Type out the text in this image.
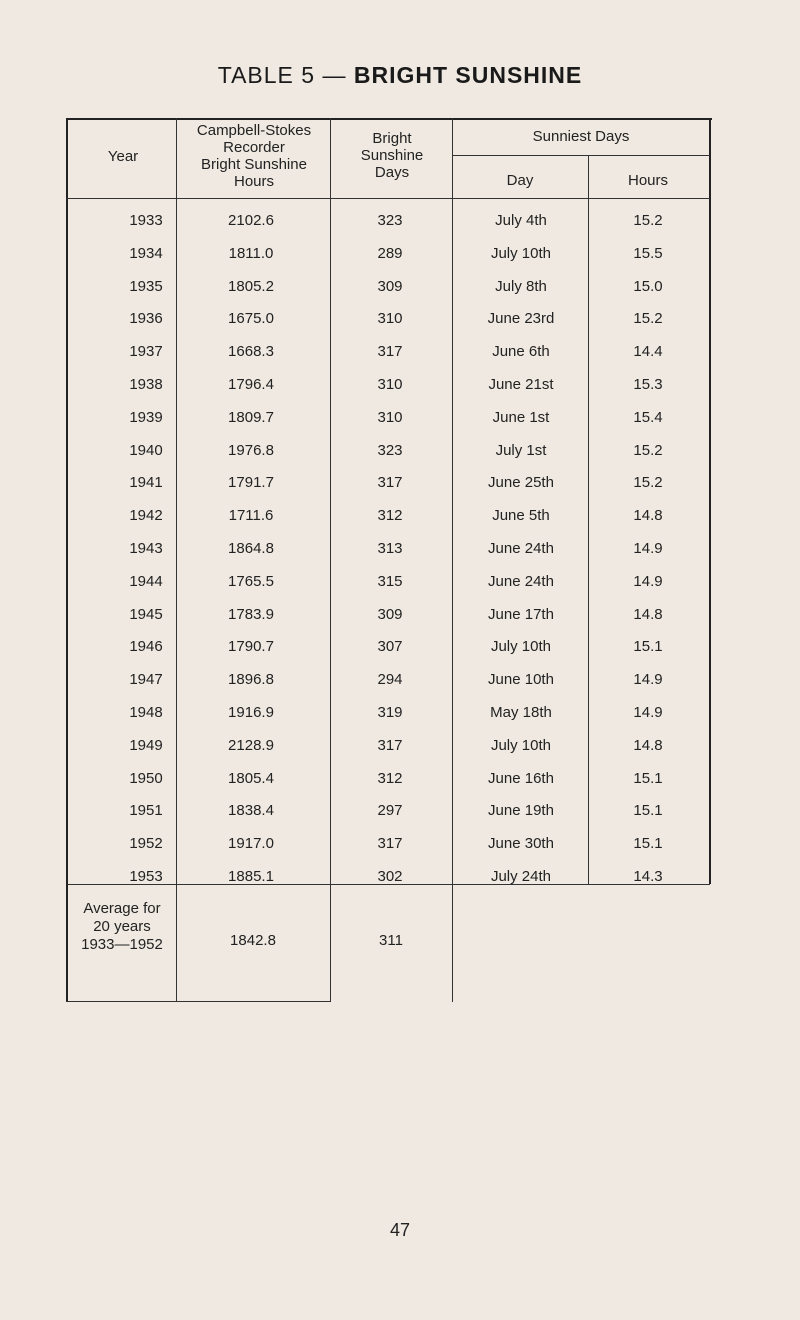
TABLE 5 — BRIGHT SUNSHINE
Year
Campbell-Stokes
Recorder
Bright Sunshine
Hours
Bright
Sunshine
Days
Sunniest Days
Day	Hours
1933	2102.6	323	July 4th	15.2
1934	1811.0	289	July 10th	15.5
1935	1805.2	309	July 8th	15.0
1936	1675.0	310	June 23rd	15.2
1937	1668.3	317	June 6th	14.4
1938	1796.4	310	June 21st	15.3
1939	1809.7	310	June 1st	15.4
1940	1976.8	323	July 1st	15.2
1941	1791.7	317	June 25th	15.2
1942	1711.6	312	June 5th	14.8
1943	1864.8	313	June 24th	14.9
1944	1765.5	315	June 24th	14.9
1945	1783.9	309	June 17th	14.8
1946	1790.7	307	July 10th	15.1
1947	1896.8	294	June 10th	14.9
1948	1916.9	319	May 18th	14.9
1949	2128.9	317	July 10th	14.8
1950	1805.4	312	June 16th	15.1
1951	1838.4	297	June 19th	15.1
1952	1917.0	317	June 30th	15.1
1953	1885.1	302	July 24th	14.3
Average for
20 years
1933—1952	1842.8	311
47
